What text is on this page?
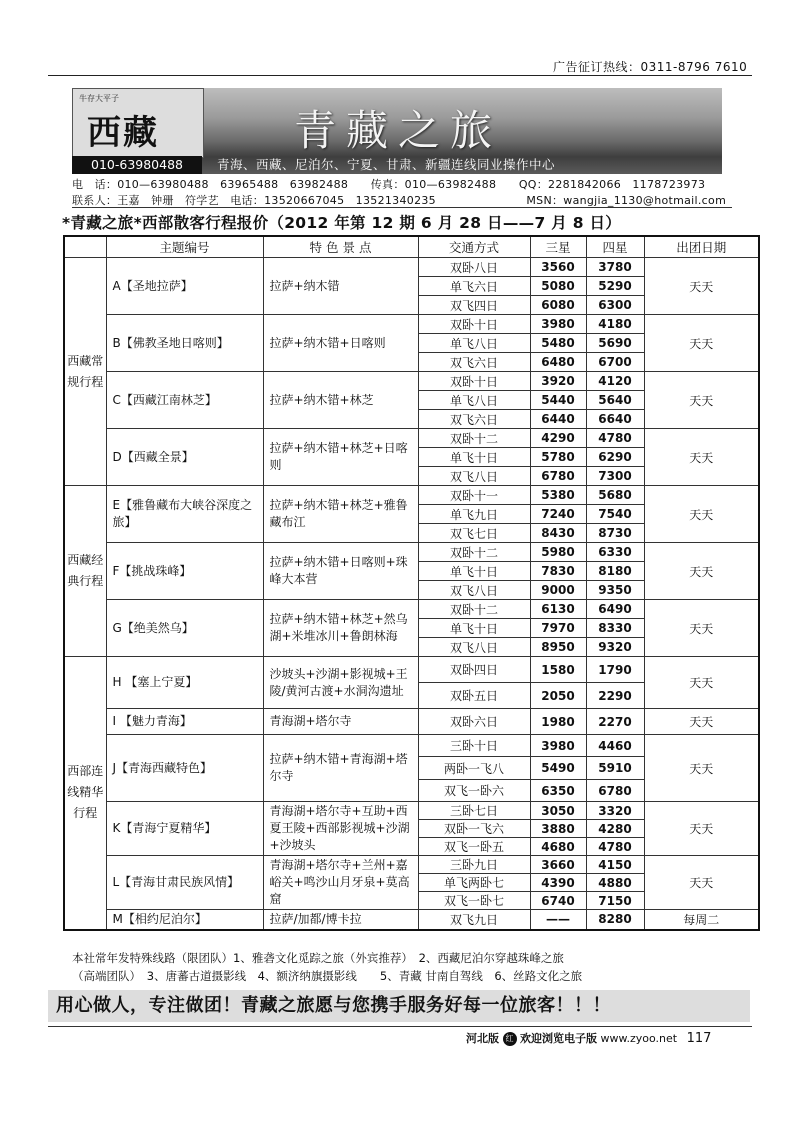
广告征订热线：0311-8796 7610
牛存大平子
西藏	青藏之旅
010-63980488	青海、西藏、尼泊尔、宁夏、甘肃、新疆连线同业操作中心
电　话：010—63980488　63965488　63982488　　传真：010—63982488　　QQ：2281842066　1178723973
联系人：王嘉　钟珊　符学艺　电话：13520667045　13521340235　　　　　　　　MSN：wangjia_1130@hotmail.com
*青藏之旅*西部散客行程报价（2012 年第 12 期 6 月 28 日——7 月 8 日）
	主题编号	特 色 景 点	交通方式	三星	四星	出团日期
西藏常规行程	A【圣地拉萨】	拉萨+纳木错	双卧八日	3560	3780	天天
			单飞六日	5080	5290	
			双飞四日	6080	6300	
	B【佛教圣地日喀则】	拉萨+纳木错+日喀则	双卧十日	3980	4180	天天
			单飞八日	5480	5690	
			双飞六日	6480	6700	
	C【西藏江南林芝】	拉萨+纳木错+林芝	双卧十日	3920	4120	天天
			单飞八日	5440	5640	
			双飞六日	6440	6640	
	D【西藏全景】	拉萨+纳木错+林芝+日喀则	双卧十二	4290	4780	天天
			单飞十日	5780	6290	
			双飞八日	6780	7300	
西藏经典行程	E【雅鲁藏布大峡谷深度之旅】	拉萨+纳木错+林芝+雅鲁藏布江	双卧十一	5380	5680	天天
			单飞九日	7240	7540	
			双飞七日	8430	8730	
	F【挑战珠峰】	拉萨+纳木错+日喀则+珠峰大本营	双卧十二	5980	6330	天天
			单飞十日	7830	8180	
			双飞八日	9000	9350	
	G【绝美然乌】	拉萨+纳木错+林芝+然乌湖+米堆冰川+鲁朗林海	双卧十二	6130	6490	天天
			单飞十日	7970	8330	
			双飞八日	8950	9320	
西部连线精华行程	H 【塞上宁夏】	沙坡头+沙湖+影视城+王陵/黄河古渡+水洞沟遗址	双卧四日	1580	1790	天天
			双卧五日	2050	2290	
	I 【魅力青海】	青海湖+塔尔寺	双卧六日	1980	2270	天天
	J【青海西藏特色】	拉萨+纳木错+青海湖+塔尔寺	三卧十日	3980	4460	天天
			两卧一飞八	5490	5910	
			双飞一卧六	6350	6780	
	K【青海宁夏精华】	青海湖+塔尔寺+互助+西夏王陵+西部影视城+沙湖+沙坡头	三卧七日	3050	3320	天天
			双卧一飞六	3880	4280	
			双飞一卧五	4680	4780	
	L【青海甘肃民族风情】	青海湖+塔尔寺+兰州+嘉峪关+鸣沙山月牙泉+莫高窟	三卧九日	3660	4150	天天
			单飞两卧七	4390	4880	
			双飞一卧七	6740	7150	
	M【相约尼泊尔】	拉萨/加都/博卡拉	双飞九日	——	8280	每周二
本社常年发特殊线路（限团队）1、雅砻文化觅踪之旅（外宾推荐）　2、西藏尼泊尔穿越珠峰之旅
（高端团队）　3、唐蕃古道摄影线　4、额济纳旗摄影线　　5、青藏 甘南自驾线　6、丝路文化之旅
用心做人，专注做团！青藏之旅愿与您携手服务好每一位旅客！！！
河北版 红 欢迎浏览电子版 www.zyoo.net 117
